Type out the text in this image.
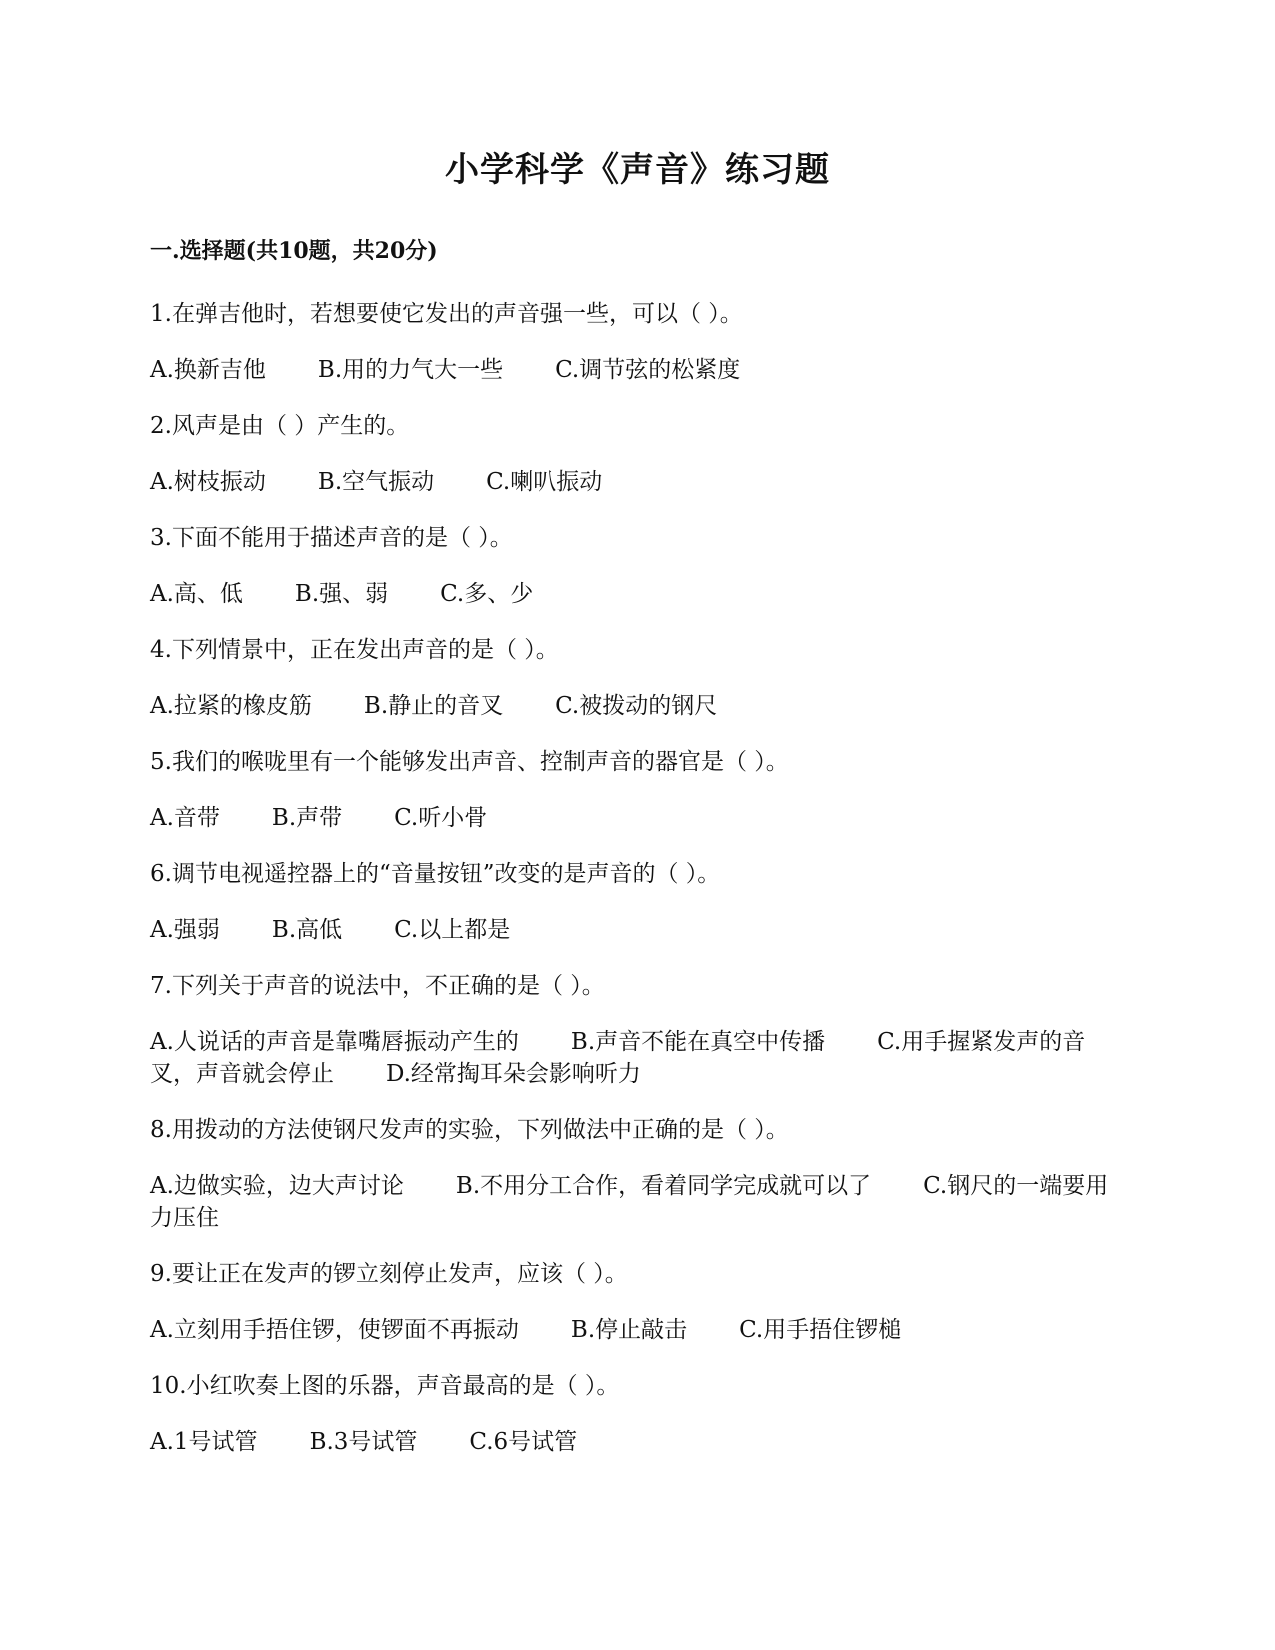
小学科学《声音》练习题
一.选择题(共10题，共20分)
1.在弹吉他时，若想要使它发出的声音强一些，可以（ ）。
A.换新吉他 B.用的力气大一些 C.调节弦的松紧度
2.风声是由（ ）产生的。
A.树枝振动 B.空气振动 C.喇叭振动
3.下面不能用于描述声音的是（ ）。
A.高、低 B.强、弱 C.多、少
4.下列情景中，正在发出声音的是（ ）。
A.拉紧的橡皮筋 B.静止的音叉 C.被拨动的钢尺
5.我们的喉咙里有一个能够发出声音、控制声音的器官是（ ）。
A.音带 B.声带 C.听小骨
6.调节电视遥控器上的“音量按钮”改变的是声音的（ ）。
A.强弱 B.高低 C.以上都是
7.下列关于声音的说法中，不正确的是（ ）。
A.人说话的声音是靠嘴唇振动产生的 B.声音不能在真空中传播 C.用手握紧发声的音叉，声音就会停止 D.经常掏耳朵会影响听力
8.用拨动的方法使钢尺发声的实验，下列做法中正确的是（ ）。
A.边做实验，边大声讨论 B.不用分工合作，看着同学完成就可以了 C.钢尺的一端要用力压住
9.要让正在发声的锣立刻停止发声，应该（ ）。
A.立刻用手捂住锣，使锣面不再振动 B.停止敲击 C.用手捂住锣槌
10.小红吹奏上图的乐器，声音最高的是（ ）。
A.1号试管 B.3号试管 C.6号试管
